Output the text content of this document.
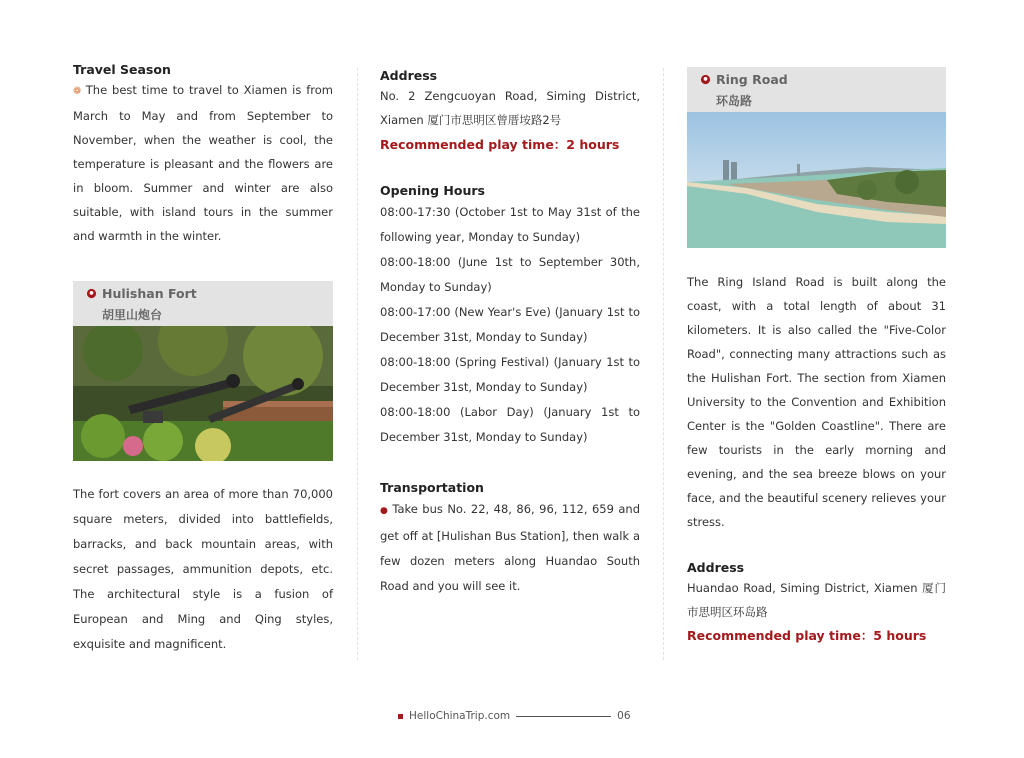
Travel Season

❁ The best time to travel to Xiamen is from March to May and from September to November, when the weather is cool, the temperature is pleasant and the flowers are in bloom. Summer and winter are also suitable, with island tours in the summer and warmth in the winter.

Hulishan Fort
胡里山炮台

The fort covers an area of more than 70,000 square meters, divided into battlefields, barracks, and back mountain areas, with secret passages, ammunition depots, etc. The architectural style is a fusion of European and Ming and Qing styles, exquisite and magnificent.

Address

No. 2 Zengcuoyan Road, Siming District, Xiamen 厦门市思明区曾厝垵路2号

Recommended play time：2 hours

Opening Hours

08:00-17:30 (October 1st to May 31st of the following year, Monday to Sunday)

08:00-18:00 (June 1st to September 30th, Monday to Sunday)

08:00-17:00 (New Year's Eve) (January 1st to December 31st, Monday to Sunday)

08:00-18:00 (Spring Festival) (January 1st to December 31st, Monday to Sunday)

08:00-18:00 (Labor Day) (January 1st to December 31st, Monday to Sunday)

Transportation

● Take bus No. 22, 48, 86, 96, 112, 659 and get off at [Hulishan Bus Station], then walk a few dozen meters along Huandao South Road and you will see it.

Ring Road
环岛路

The Ring Island Road is built along the coast, with a total length of about 31 kilometers. It is also called the "Five-Color Road", connecting many attractions such as the Hulishan Fort. The section from Xiamen University to the Convention and Exhibition Center is the "Golden Coastline". There are few tourists in the early morning and evening, and the sea breeze blows on your face, and the beautiful scenery relieves your stress.

Address

Huandao Road, Siming District, Xiamen 厦门市思明区环岛路

Recommended play time：5 hours

HelloChinaTrip.com	06
